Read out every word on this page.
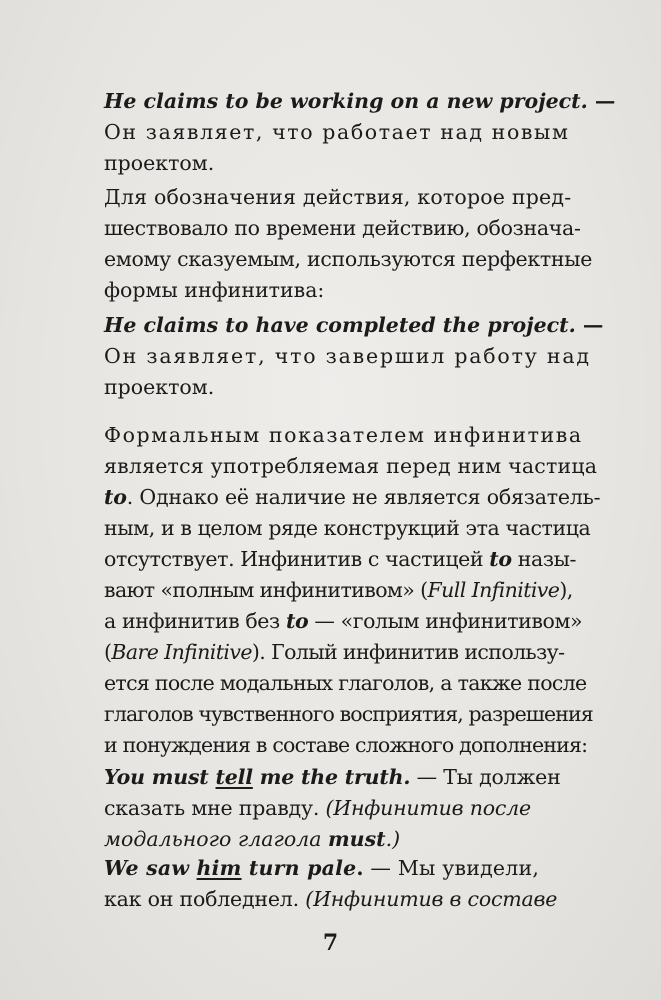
He claims to be working on a new project. —
Он заявляет, что работает над новым
проектом.
Для обозначения действия, которое пред-
шествовало по времени действию, обознача-
емому сказуемым, используются перфектные
формы инфинитива:
He claims to have completed the project. —
Он заявляет, что завершил работу над
проектом.
Формальным показателем инфинитива
является употребляемая перед ним частица
to. Однако её наличие не является обязатель-
ным, и в целом ряде конструкций эта частица
отсутствует. Инфинитив с частицей to назы-
вают «полным инфинитивом» (Full Infinitive),
а инфинитив без to — «голым инфинитивом»
(Bare Infinitive). Голый инфинитив использу-
ется после модальных глаголов, а также после
глаголов чувственного восприятия, разрешения
и понуждения в составе сложного дополнения:
You must tell me the truth. — Ты должен
сказать мне правду. (Инфинитив после
модального глагола must.)
We saw him turn pale. — Мы увидели,
как он побледнел. (Инфинитив в составе
7
